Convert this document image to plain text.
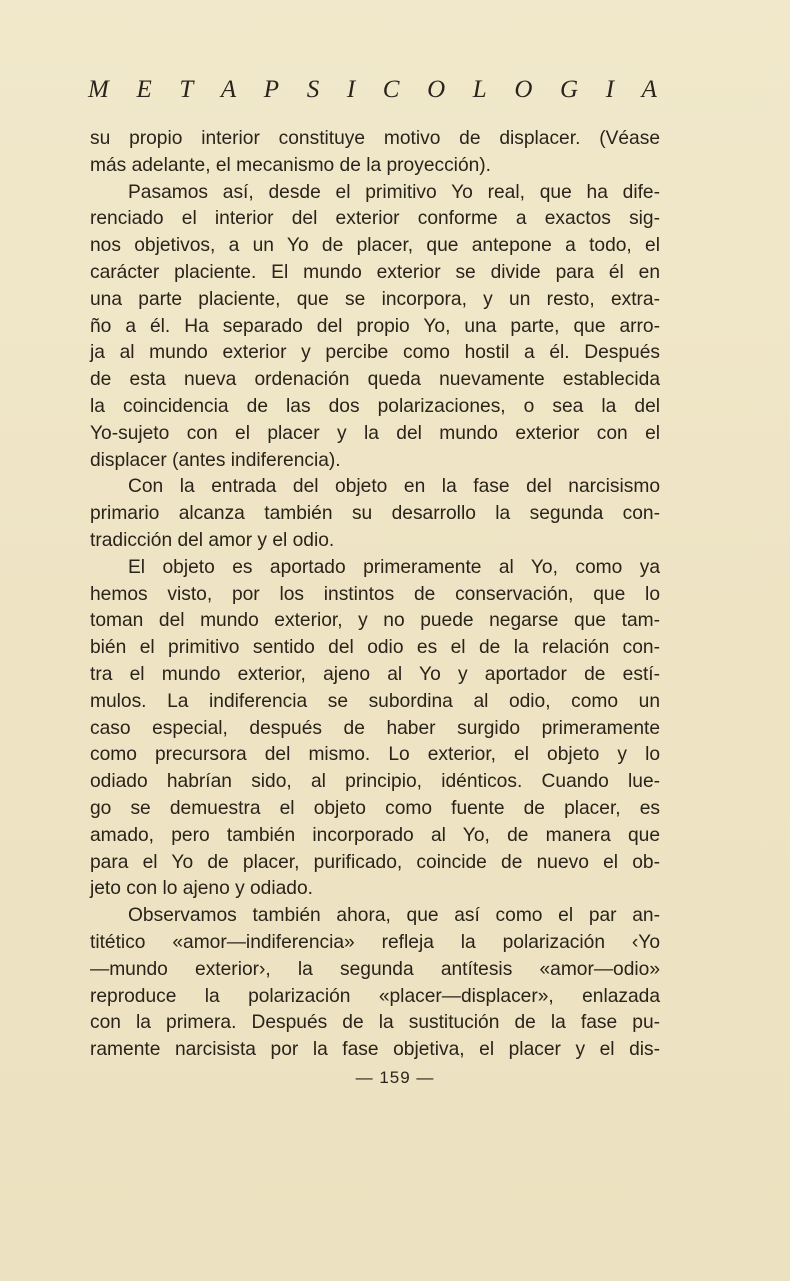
M E T A P S I C O L O G I A
su propio interior constituye motivo de displacer. (Véase
más adelante, el mecanismo de la proyección).
Pasamos así, desde el primitivo Yo real, que ha dife-
renciado el interior del exterior conforme a exactos sig-
nos objetivos, a un Yo de placer, que antepone a todo, el
carácter placiente. El mundo exterior se divide para él en
una parte placiente, que se incorpora, y un resto, extra-
ño a él. Ha separado del propio Yo, una parte, que arro-
ja al mundo exterior y percibe como hostil a él. Después
de esta nueva ordenación queda nuevamente establecida
la coincidencia de las dos polarizaciones, o sea la del
Yo-sujeto con el placer y la del mundo exterior con el
displacer (antes indiferencia).
Con la entrada del objeto en la fase del narcisismo
primario alcanza también su desarrollo la segunda con-
tradicción del amor y el odio.
El objeto es aportado primeramente al Yo, como ya
hemos visto, por los instintos de conservación, que lo
toman del mundo exterior, y no puede negarse que tam-
bién el primitivo sentido del odio es el de la relación con-
tra el mundo exterior, ajeno al Yo y aportador de estí-
mulos. La indiferencia se subordina al odio, como un
caso especial, después de haber surgido primeramente
como precursora del mismo. Lo exterior, el objeto y lo
odiado habrían sido, al principio, idénticos. Cuando lue-
go se demuestra el objeto como fuente de placer, es
amado, pero también incorporado al Yo, de manera que
para el Yo de placer, purificado, coincide de nuevo el ob-
jeto con lo ajeno y odiado.
Observamos también ahora, que así como el par an-
titético «amor—indiferencia» refleja la polarización ‹Yo
—mundo exterior›, la segunda antítesis «amor—odio»
reproduce la polarización «placer—displacer», enlazada
con la primera. Después de la sustitución de la fase pu-
ramente narcisista por la fase objetiva, el placer y el dis-
— 159 —
